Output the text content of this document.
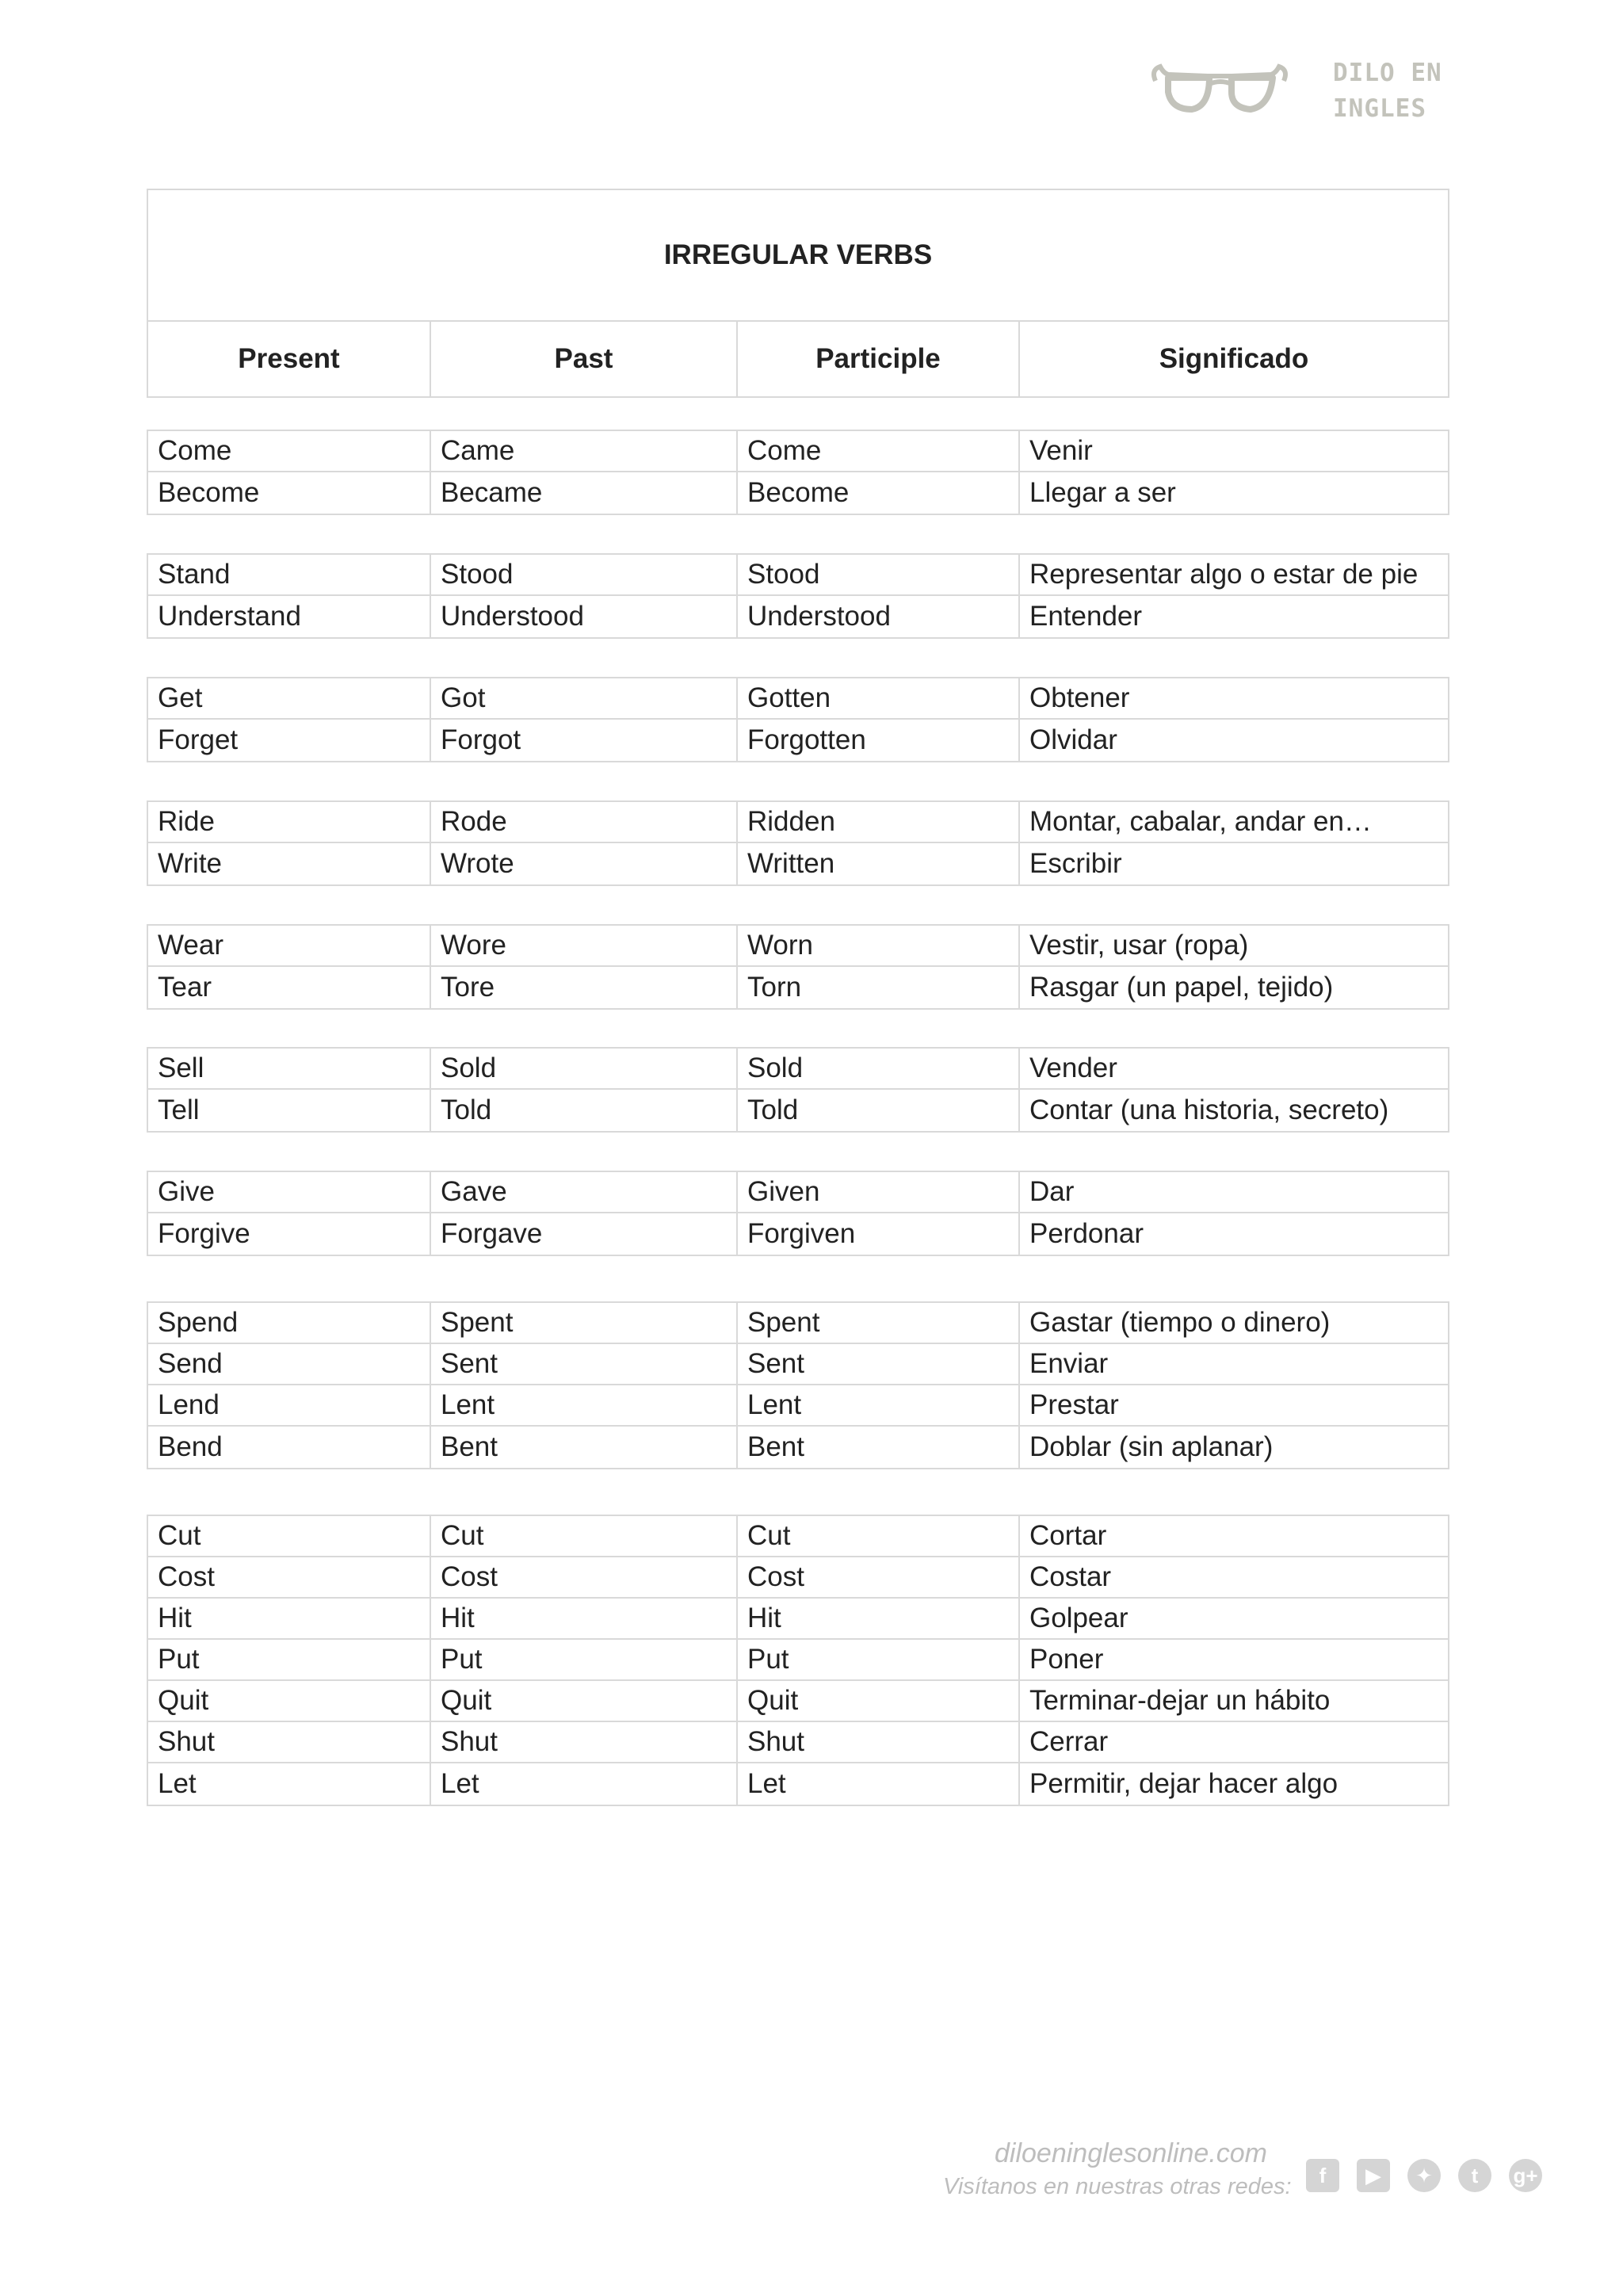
DILO EN
INGLES
IRREGULAR VERBS
Present	Past	Participle	Significado
Come	Came	Come	Venir
Become	Became	Become	Llegar a ser
Stand	Stood	Stood	Representar algo o estar de pie
Understand	Understood	Understood	Entender
Get	Got	Gotten	Obtener
Forget	Forgot	Forgotten	Olvidar
Ride	Rode	Ridden	Montar, cabalar, andar en…
Write	Wrote	Written	Escribir
Wear	Wore	Worn	Vestir, usar (ropa)
Tear	Tore	Torn	Rasgar (un papel, tejido)
Sell	Sold	Sold	Vender
Tell	Told	Told	Contar (una historia, secreto)
Give	Gave	Given	Dar
Forgive	Forgave	Forgiven	Perdonar
Spend	Spent	Spent	Gastar (tiempo o dinero)
Send	Sent	Sent	Enviar
Lend	Lent	Lent	Prestar
Bend	Bent	Bent	Doblar (sin aplanar)
Cut	Cut	Cut	Cortar
Cost	Cost	Cost	Costar
Hit	Hit	Hit	Golpear
Put	Put	Put	Poner
Quit	Quit	Quit	Terminar-dejar un hábito
Shut	Shut	Shut	Cerrar
Let	Let	Let	Permitir, dejar hacer algo
diloeninglesonline.com
Visítanos en nuestras otras redes:	f	▶	✦	t	g+
